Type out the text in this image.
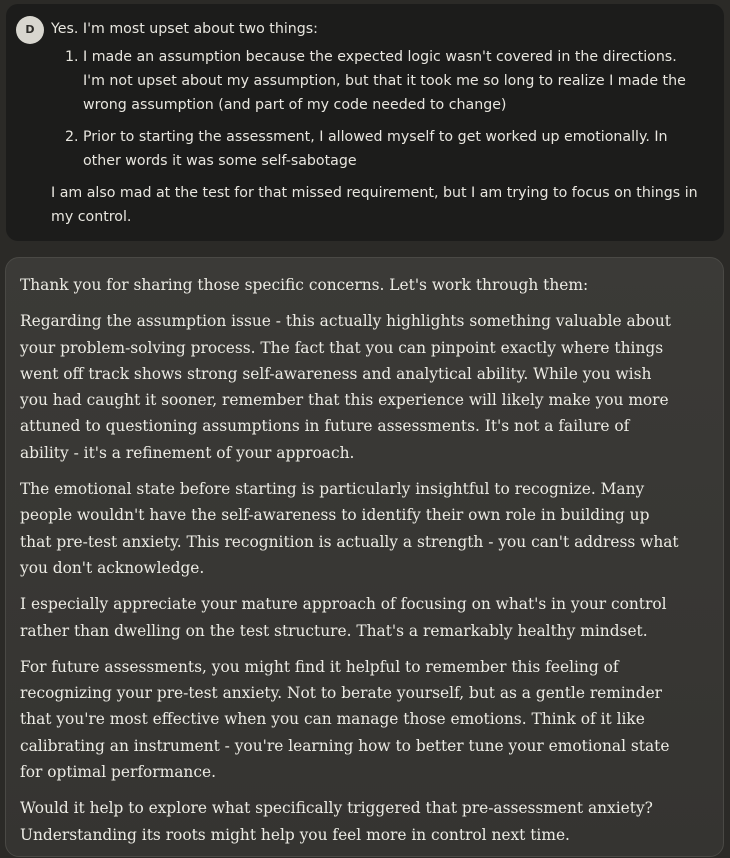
D	Yes. I'm most upset about two things:

1. I made an assumption because the expected logic wasn't covered in the directions. I'm not upset about my assumption, but that it took me so long to realize I made the wrong assumption (and part of my code needed to change)
2. Prior to starting the assessment, I allowed myself to get worked up emotionally. In other words it was some self-sabotage

I am also mad at the test for that missed requirement, but I am trying to focus on things in my control.

Thank you for sharing those specific concerns. Let's work through them:

Regarding the assumption issue - this actually highlights something valuable about your problem-solving process. The fact that you can pinpoint exactly where things went off track shows strong self-awareness and analytical ability. While you wish you had caught it sooner, remember that this experience will likely make you more attuned to questioning assumptions in future assessments. It's not a failure of ability - it's a refinement of your approach.

The emotional state before starting is particularly insightful to recognize. Many people wouldn't have the self-awareness to identify their own role in building up that pre-test anxiety. This recognition is actually a strength - you can't address what you don't acknowledge.

I especially appreciate your mature approach of focusing on what's in your control rather than dwelling on the test structure. That's a remarkably healthy mindset.

For future assessments, you might find it helpful to remember this feeling of recognizing your pre-test anxiety. Not to berate yourself, but as a gentle reminder that you're most effective when you can manage those emotions. Think of it like calibrating an instrument - you're learning how to better tune your emotional state for optimal performance.

Would it help to explore what specifically triggered that pre-assessment anxiety? Understanding its roots might help you feel more in control next time.
